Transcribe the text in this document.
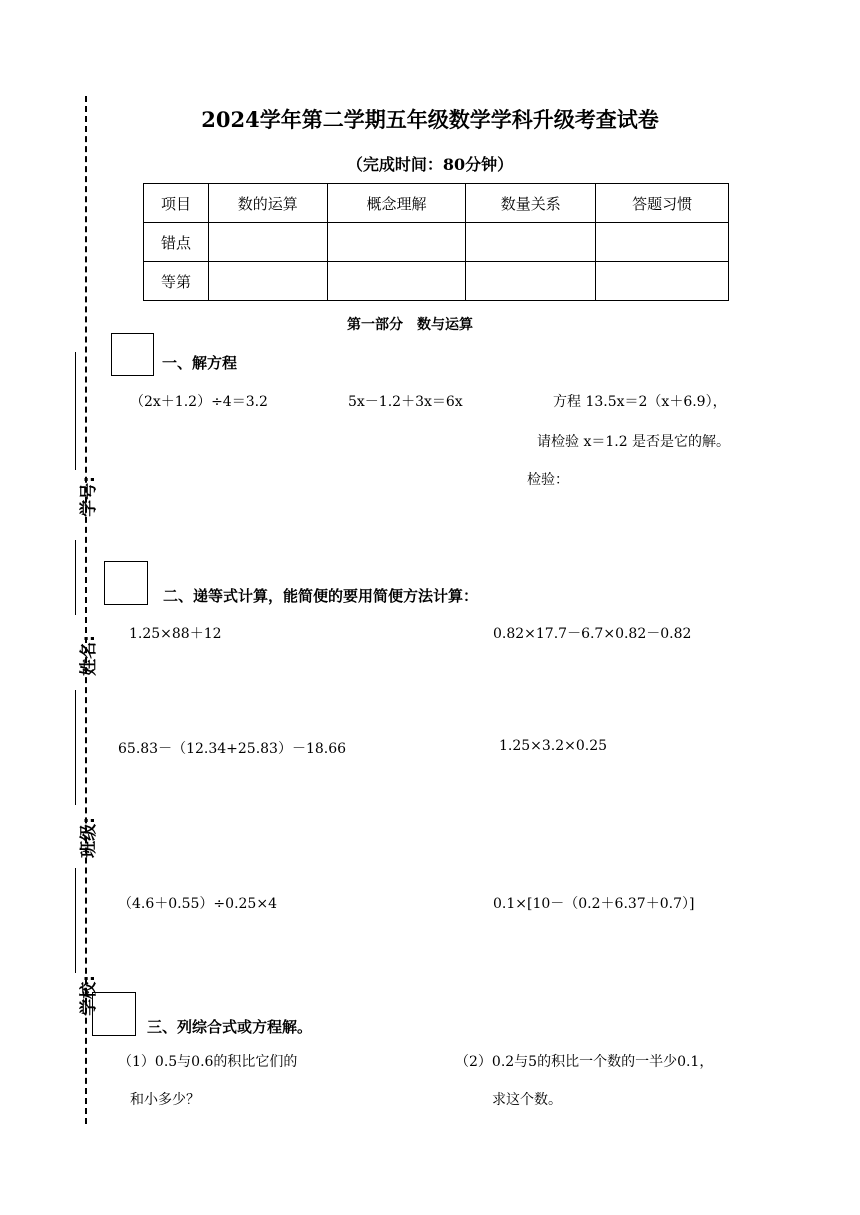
学号:
姓名:
班级:
学校:
2024学年第二学期五年级数学学科升级考查试卷
（完成时间：80分钟）
项目	数的运算	概念理解	数量关系	答题习惯
错点				
等第				
第一部分　数与运算
一、解方程
（2x＋1.2）÷4＝3.2	5x－1.2＋3x＝6x	方程 13.5x＝2（x＋6.9），
请检验 x＝1.2 是否是它的解。
检验：
二、递等式计算，能简便的要用简便方法计算：
1.25×88＋12	0.82×17.7－6.7×0.82－0.82
65.83－（12.34+25.83）－18.66	1.25×3.2×0.25
（4.6＋0.55）÷0.25×4	0.1×[10－（0.2＋6.37＋0.7）]
三、列综合式或方程解。
（1）0.5与0.6的积比它们的
和小多少？
（2）0.2与5的积比一个数的一半少0.1，
求这个数。
